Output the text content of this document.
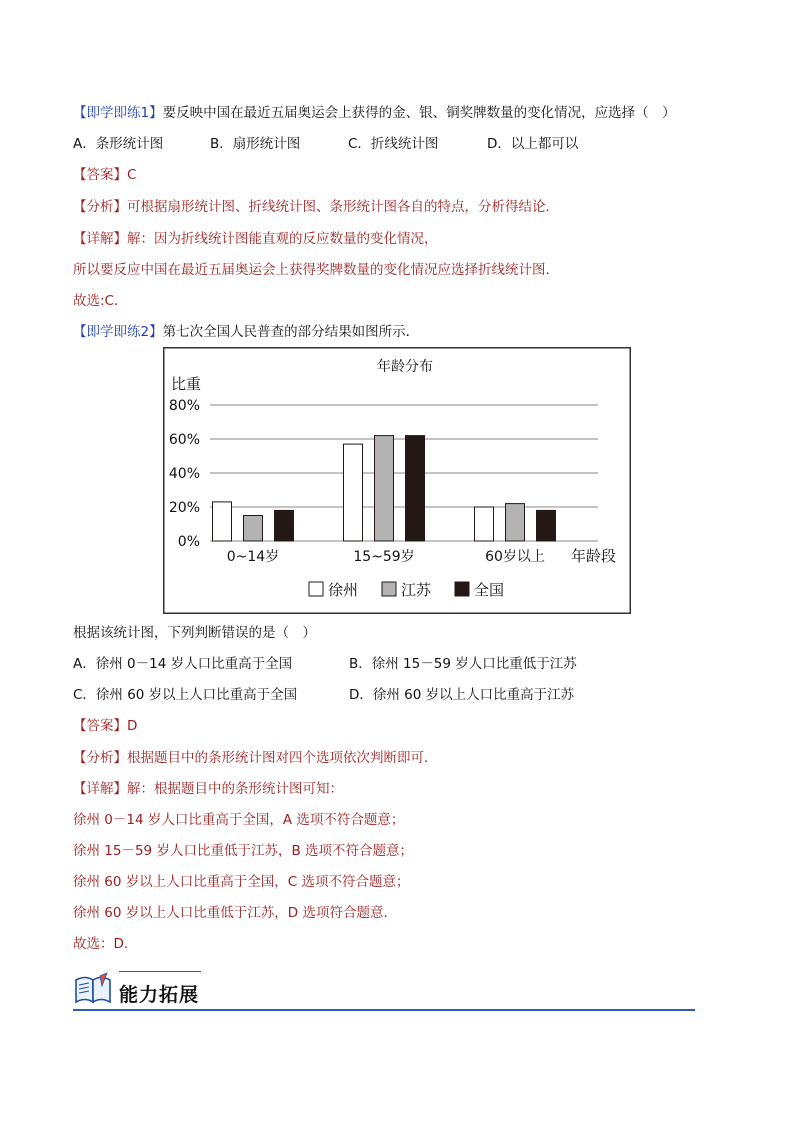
【即学即练1】要反映中国在最近五届奥运会上获得的金、银、铜奖牌数量的变化情况，应选择（　）
A．条形统计图	B．扇形统计图	C．折线统计图	D．以上都可以
【答案】C
【分析】可根据扇形统计图、折线统计图、条形统计图各自的特点，分析得结论．
【详解】解：因为折线统计图能直观的反应数量的变化情况，
所以要反应中国在最近五届奥运会上获得奖牌数量的变化情况应选择折线统计图．
故选:C．
【即学即练2】第七次全国人民普查的部分结果如图所示．
年龄分布
比重
年龄段
0%
20%
40%
60%
80%
0~14岁	15~59岁	60岁以上
徐州	江苏	全国
根据该统计图，下列判断错误的是（　）
A．徐州 0－14 岁人口比重高于全国	B．徐州 15－59 岁人口比重低于江苏
C．徐州 60 岁以上人口比重高于全国	D．徐州 60 岁以上人口比重高于江苏
【答案】D
【分析】根据题目中的条形统计图对四个选项依次判断即可．
【详解】解：根据题目中的条形统计图可知：
徐州 0－14 岁人口比重高于全国，A 选项不符合题意；
徐州 15－59 岁人口比重低于江苏，B 选项不符合题意；
徐州 60 岁以上人口比重高于全国，C 选项不符合题意；
徐州 60 岁以上人口比重低于江苏，D 选项符合题意．
故选：D．
能力拓展
